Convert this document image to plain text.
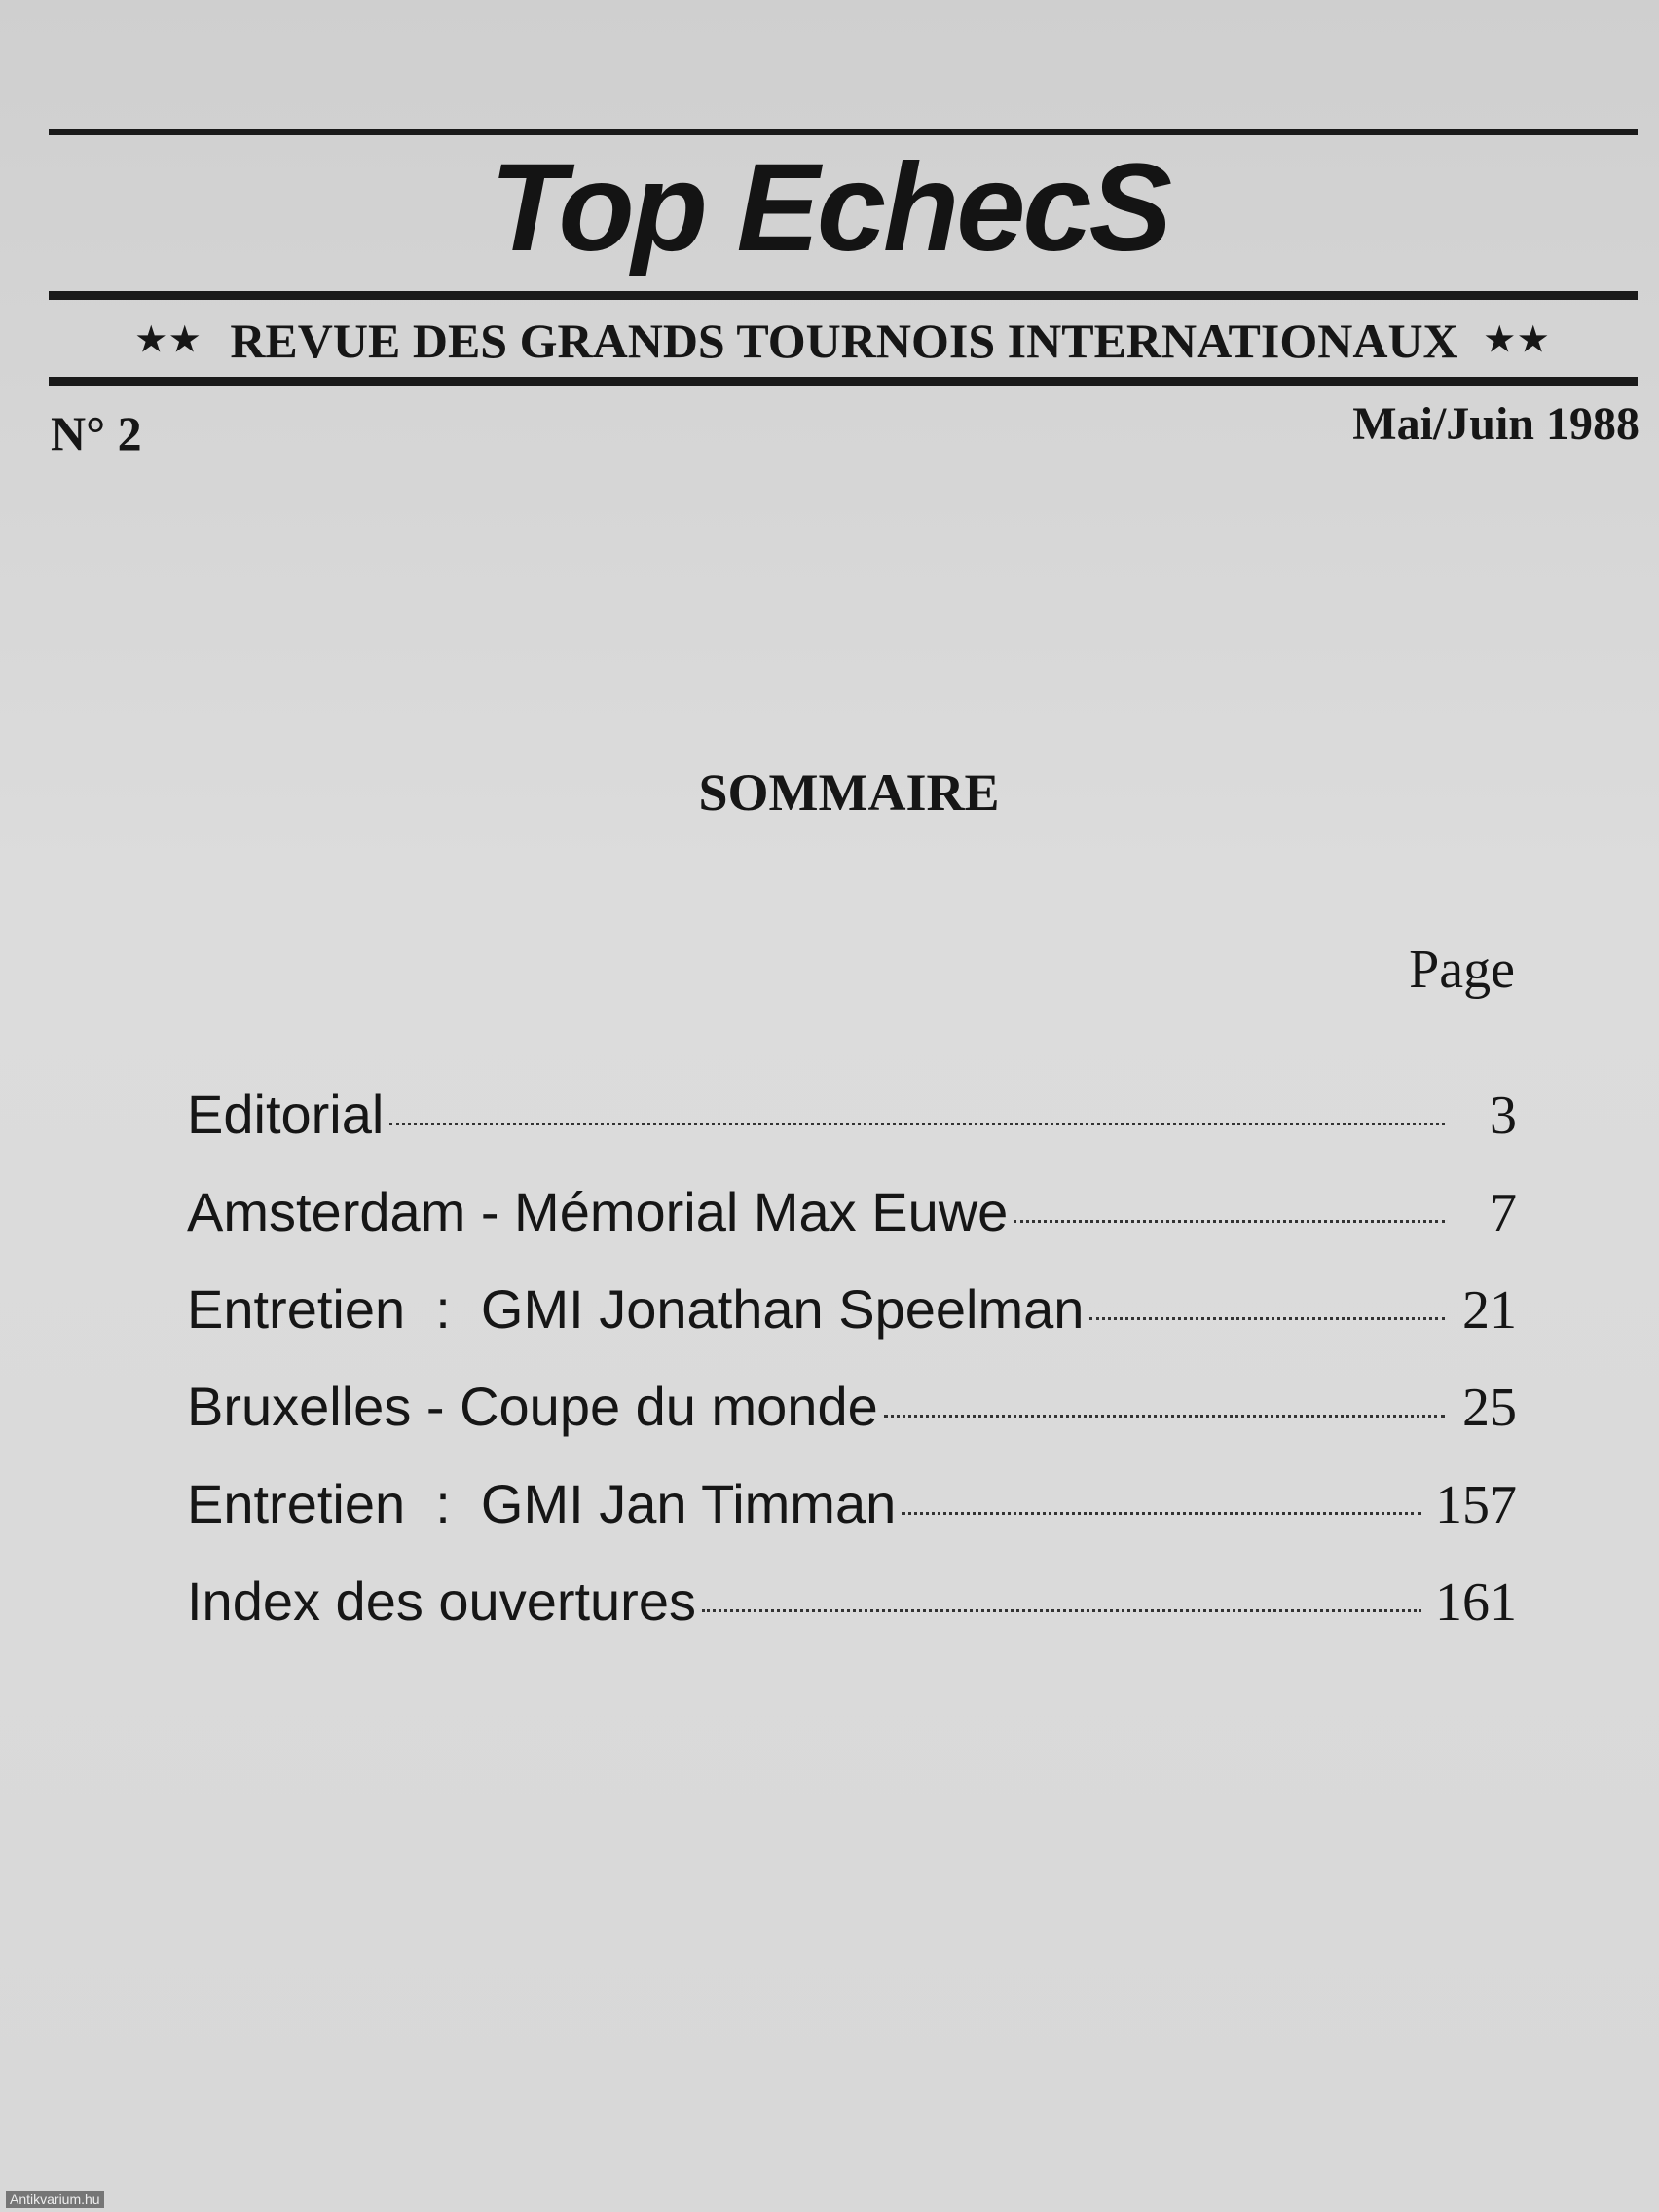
Top EchecS
★★ REVUE DES GRANDS TOURNOIS INTERNATIONAUX ★★
N° 2	Mai/Juin 1988
SOMMAIRE
Page
Editorial	3
Amsterdam - Mémorial Max Euwe	7
Entretien  :  GMI Jonathan Speelman	21
Bruxelles - Coupe du monde	25
Entretien  :  GMI Jan Timman	157
Index des ouvertures	161
Antikvarium.hu
